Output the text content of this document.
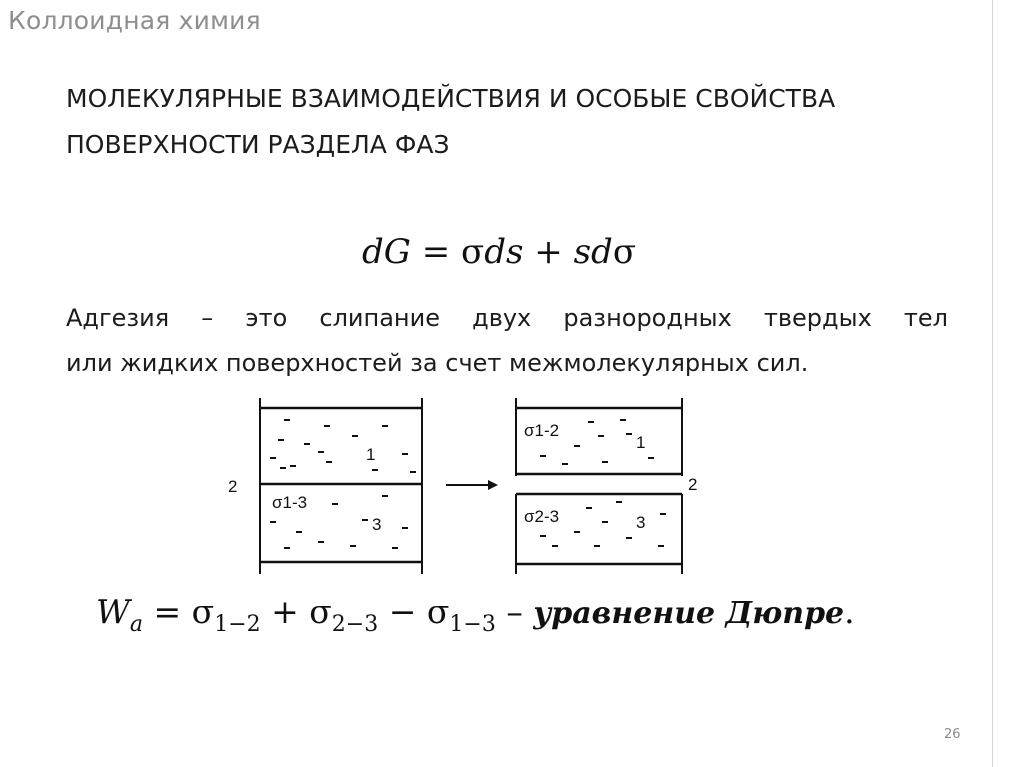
Коллоидная химия
МОЛЕКУЛЯРНЫЕ ВЗАИМОДЕЙСТВИЯ И ОСОБЫЕ СВОЙСТВА
ПОВЕРХНОСТИ РАЗДЕЛА ФАЗ
dG = σds + sdσ
Адгезия – это слипание двух разнородных твердых тел
или жидких поверхностей за счет межмолекулярных сил.
2
1
3
σ1-3
σ1-2
σ2-3
1
3
2
$W_a = \sigma_{1-2} + \sigma_{2-3} - \sigma_{1-3}$ – уравнение Дюпре.
26
